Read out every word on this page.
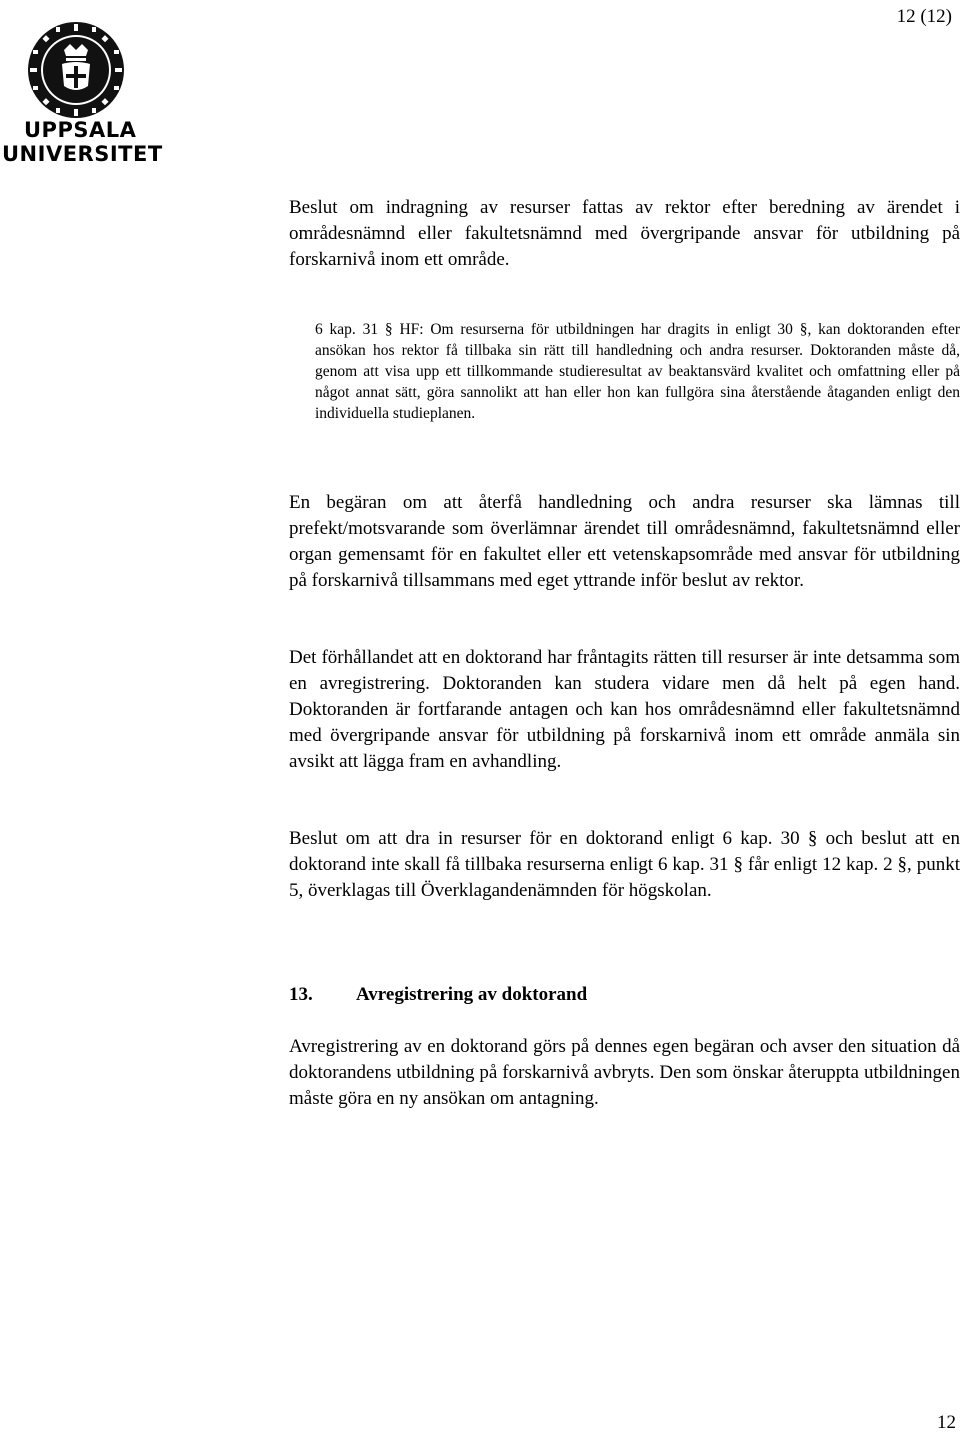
12 (12)
UPPSALA
UNIVERSITET

Beslut om indragning av resurser fattas av rektor efter beredning av ärendet i områdesnämnd eller fakultetsnämnd med övergripande ansvar för utbildning på forskarnivå inom ett område.

6 kap. 31 § HF: Om resurserna för utbildningen har dragits in enligt 30 §, kan doktoranden efter ansökan hos rektor få tillbaka sin rätt till handledning och andra resurser. Doktoranden måste då, genom att visa upp ett tillkommande studieresultat av beaktansvärd kvalitet och omfattning eller på något annat sätt, göra sannolikt att han eller hon kan fullgöra sina återstående åtaganden enligt den individuella studieplanen.

En begäran om att återfå handledning och andra resurser ska lämnas till prefekt/motsvarande som överlämnar ärendet till områdesnämnd, fakultetsnämnd eller organ gemensamt för en fakultet eller ett vetenskapsområde med ansvar för utbildning på forskarnivå tillsammans med eget yttrande inför beslut av rektor.

Det förhållandet att en doktorand har fråntagits rätten till resurser är inte detsamma som en avregistrering. Doktoranden kan studera vidare men då helt på egen hand. Doktoranden är fortfarande antagen och kan hos områdesnämnd eller fakultetsnämnd med övergripande ansvar för utbildning på forskarnivå inom ett område anmäla sin avsikt att lägga fram en avhandling.

Beslut om att dra in resurser för en doktorand enligt 6 kap. 30 § och beslut att en doktorand inte skall få tillbaka resurserna enligt 6 kap. 31 § får enligt 12 kap. 2 §, punkt 5, överklagas till Överklagandenämnden för högskolan.

13. Avregistrering av doktorand

Avregistrering av en doktorand görs på dennes egen begäran och avser den situation då doktorandens utbildning på forskarnivå avbryts. Den som önskar återuppta utbildningen måste göra en ny ansökan om antagning.

12
